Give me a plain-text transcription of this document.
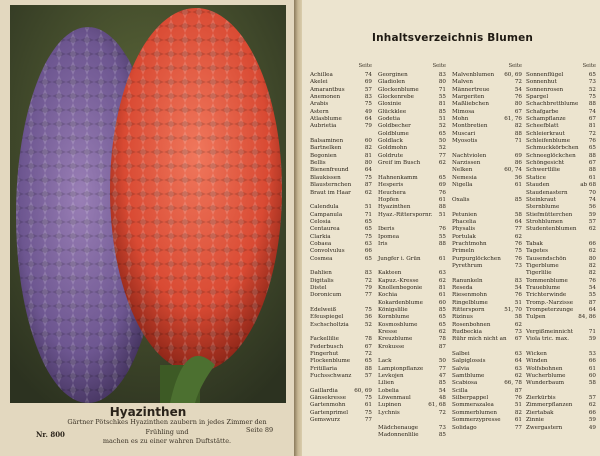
Hyazinthen
Gärtner Pötschkes Hyazinthen zaubern in jedes Zimmer den Frühling und
machen es zu einer wahren Duftstätte.
Nr. 800	Seite 89
Inhaltsverzeichnis Blumen
Seite
Achillea	74
Akelei	69
Amarantbus	57
Anemonen	83
Arabis	75
Astern	49
Atlasblume	64
Aubrietia	79
Balsaminen	60
Bartnelken	82
Begonien	81
Bellis	80
Bienenfreund	64
Blaukissen	75
Blausternchen 87
Braut im Haar	62
Calendula	51
Campanula	71
Celosia	65
Centaurea	65
Clarkia	75
Cobaea	63
Convolvulus	66
Cosmea	65
Dahlien	83
Digitalis	72
Distel	79
Doronicum	77
Edelweiß	75
Efeuspiegel	56
Eschscholtzia	52
Fackellilie	78
Federbusch	67
Fingerhut	72
Flockenblume	65
Fritillaria	88
Fuchsschwanz 57
Gaillardia	60, 69
Gänsekresse	75
Gartenmohn	61
Gartenprimel	75
Gemswurz	77
Seite
Georginen	83
Gladiolen	80
Glockenblume	71
Glockenrebe	55
Gloxinie	81
Glückklee	85
Godetia	51
Goldbecher	52
Goldblume	65
Goldlack	50
Goldmohn	52
Goldrute	77
Greif im Busch	62
Hahnenkamm	65
Hesperis	69
Heuchera	76
Hopfen	61
Hyazinthen	88
Hyaz.-Ritterspornr. 51
Iberis	76
Ipomea	55
Iris	88
Jungfer i. Grün	61
Kakteen	63
Kapuz.-Kresse	62
Knollenbegonie	81
Kochia	61
Kokardenblume	60
Königslilie	85
Kornblume	65
Kosmosblume	65
Kresse	62
Kreuzblume	78
Krokusse	87
Lack	50
Lampionpflanze	77
Levkojen	47
Lilien	85
Lobelia	54
Löwenmaul	48
Lupinen	61, 68
Lychnis	72
Mädchenauge	73
Madonnenlilie	85
Seite
Malvenblumen 60, 69
Malven	72
Männertreue	54
Margeriten	76
Maßliebchen	80
Mimosa	67
Mohn	61, 76
Montbretien	82
Muscari	88
Myosotis	71
Nachtviolen	69
Narzissen	86
Nelken	60, 74
Nemesia	56
Nigella	61
Oxalis	85
Petunien	58
Phacelia	64
Physalis	77
Portulak	62
Prachtmohn	76
Primeln	75
Purpurglöckchen	76
Pyrethrum	73
Ranunkeln	83
Reseda	54
Riesenmohn	76
Ringelblume	51
Rittersporn	51, 70
Rizinus	58
Rosenbohnen	62
Rudbeckia	73
Rühr mich nicht an 67
Salbei	63
Salpiglossis	64
Salvia	63
Samtblume	62
Scabiosa	66, 78
Scilla	87
Silberpappel	76
Sommerazalea	51
Sommerblumen	82
Sommerzypresse	61
Solidago	77
Seite
Sonnenflügel	65
Sonnenhut	73
Sonnenrosen	52
Spargel	75
Schachbrettblume 88
Schafgarbe	74
Schampflanze	67
Scheefblatt	81
Schleierkraut	72
Schleifenblume	76
Schmuckkörbchen 65
Schneeglöckchen 88
Schöngesicht	67
Schwertlilie	88
Statice	61
Stauden	ab 68
Staudenastern	70
Steinkraut	74
Sternblume	56
Stiefmütterchen	59
Strohblumen	57
Studentenblumen 62
Tabak	66
Tagetes	62
Tausendschön	80
Tigerblume	82
Tigerlilie	82
Tommenblume	76
Traueblume	54
Trichterwinde	55
Tromp.-Narzisse	87
Trompeterzunge	64
Tulpen	84, 86
Vergißmeinnicht	71
Viola tric. max.	59
Wicken	53
Winden	66
Wolfsbohnen	61
Wucherblume	60
Wunderbaum	58
Zierkürbis	57
Zimmerpflanzen	62
Ziertabak	66
Zinnie	59
Zwergastern	49
